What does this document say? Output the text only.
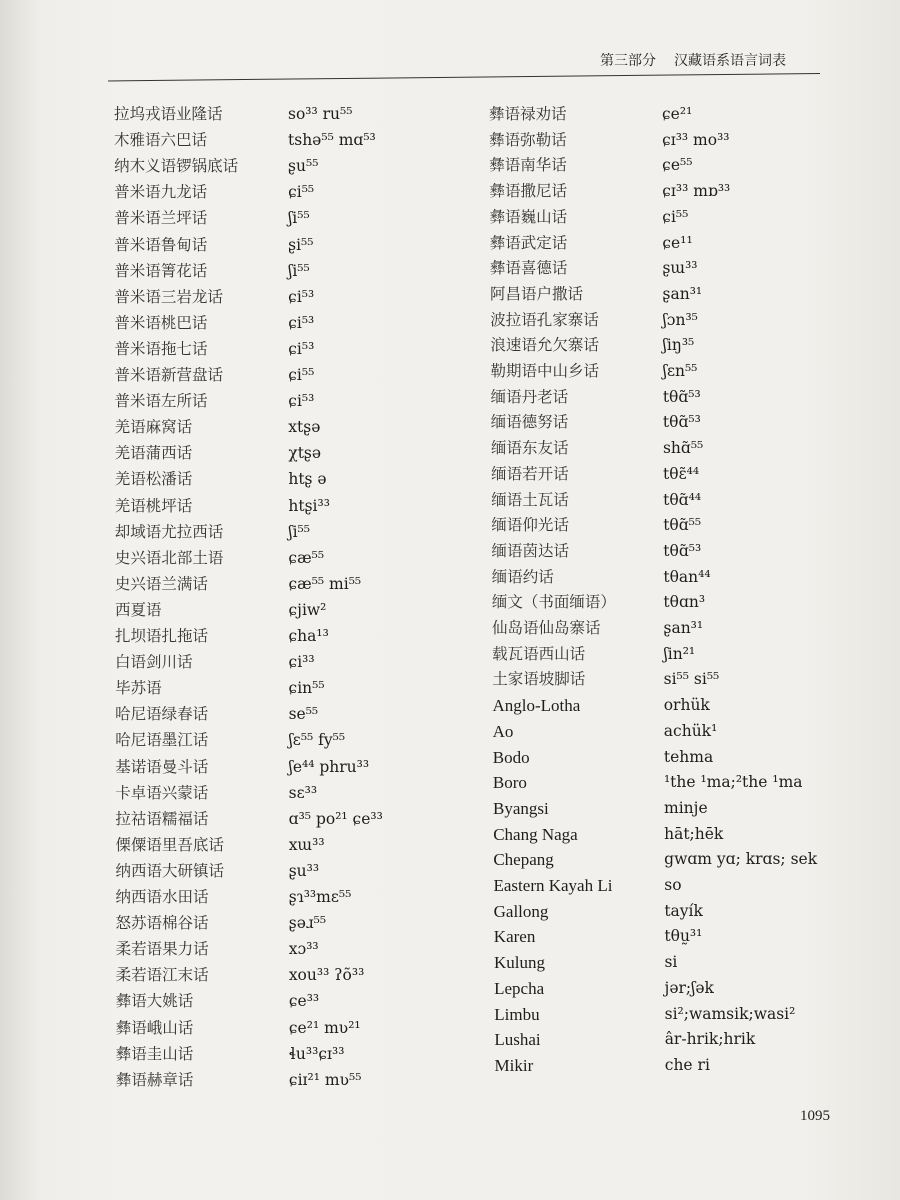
第三部分 汉藏语系语言词表
拉坞戎语业隆话	so³³ ru⁵⁵
木雅语六巴话	tshə⁵⁵ mɑ⁵³
纳木义语锣锅底话	ʂu⁵⁵
普米语九龙话	ɕi⁵⁵
普米语兰坪话	ʃi⁵⁵
普米语鲁甸话	ʂi⁵⁵
普米语箐花话	ʃi⁵⁵
普米语三岩龙话	ɕi⁵³
普米语桃巴话	ɕi⁵³
普米语拖七话	ɕi⁵³
普米语新营盘话	ɕi⁵⁵
普米语左所话	ɕi⁵³
羌语麻窝话	xtʂə
羌语蒲西话	χtʂə
羌语松潘话	htʂ ə
羌语桃坪话	htʂi³³
却域语尤拉西话	ʃi⁵⁵
史兴语北部土语	ɕæ⁵⁵
史兴语兰满话	ɕæ⁵⁵ mi⁵⁵
西夏语	ɕjiw²
扎坝语扎拖话	ɕha¹³
白语剑川话	ɕi³³
毕苏语	ɕin⁵⁵
哈尼语绿春话	se⁵⁵
哈尼语墨江话	ʃɛ⁵⁵ fy⁵⁵
基诺语曼斗话	ʃe⁴⁴ phru³³
卡卓语兴蒙话	sɛ³³
拉祜语糯福话	ɑ³⁵ po²¹ ɕe³³
傈僳语里吾底话	xɯ³³
纳西语大研镇话	ʂu³³
纳西语水田话	ʂɿ³³mɛ⁵⁵
怒苏语棉谷话	ʂəɹ⁵⁵
柔若语果力话	xɔ³³
柔若语江末话	xou³³ ʔõ³³
彝语大姚话	ɕe³³
彝语峨山话	ɕe²¹ mʋ²¹
彝语圭山话	ɬu³³ɕɪ³³
彝语赫章话	ɕiɪ²¹ mʋ⁵⁵
彝语禄劝话	ɕe²¹
彝语弥勒话	ɕɪ³³ mo³³
彝语南华话	ɕe⁵⁵
彝语撒尼话	ɕɪ³³ mɒ³³
彝语巍山话	ɕi⁵⁵
彝语武定话	ɕe¹¹
彝语喜德话	ʂɯ³³
阿昌语户撒话	ʂan³¹
波拉语孔家寨话	ʃɔn³⁵
浪速语允欠寨话	ʃiŋ³⁵
勒期语中山乡话	ʃɛn⁵⁵
缅语丹老话	tθɑ̃⁵³
缅语德努话	tθɑ̃⁵³
缅语东友话	shɑ̃⁵⁵
缅语若开话	tθɛ̃⁴⁴
缅语土瓦话	tθɑ̃⁴⁴
缅语仰光话	tθɑ̃⁵⁵
缅语茵达话	tθɑ̃⁵³
缅语约话	tθan⁴⁴
缅文（书面缅语）	tθɑn³
仙岛语仙岛寨话	ʂan³¹
载瓦语西山话	ʃin²¹
土家语坡脚话	si⁵⁵ si⁵⁵
Anglo-Lotha	orhük
Ao	achük¹
Bodo	tehma
Boro	¹the ¹ma;²the ¹ma
Byangsi	minje
Chang Naga	hāt;hēk
Chepang	gwɑm yɑ; krɑs; sek
Eastern Kayah Li	so
Gallong	tayík
Karen	tθṵ³¹
Kulung	si
Lepcha	jər;ʃək
Limbu	si²;wamsik;wasi²
Lushai	âr-hrik;hrik
Mikir	che ri
1095
